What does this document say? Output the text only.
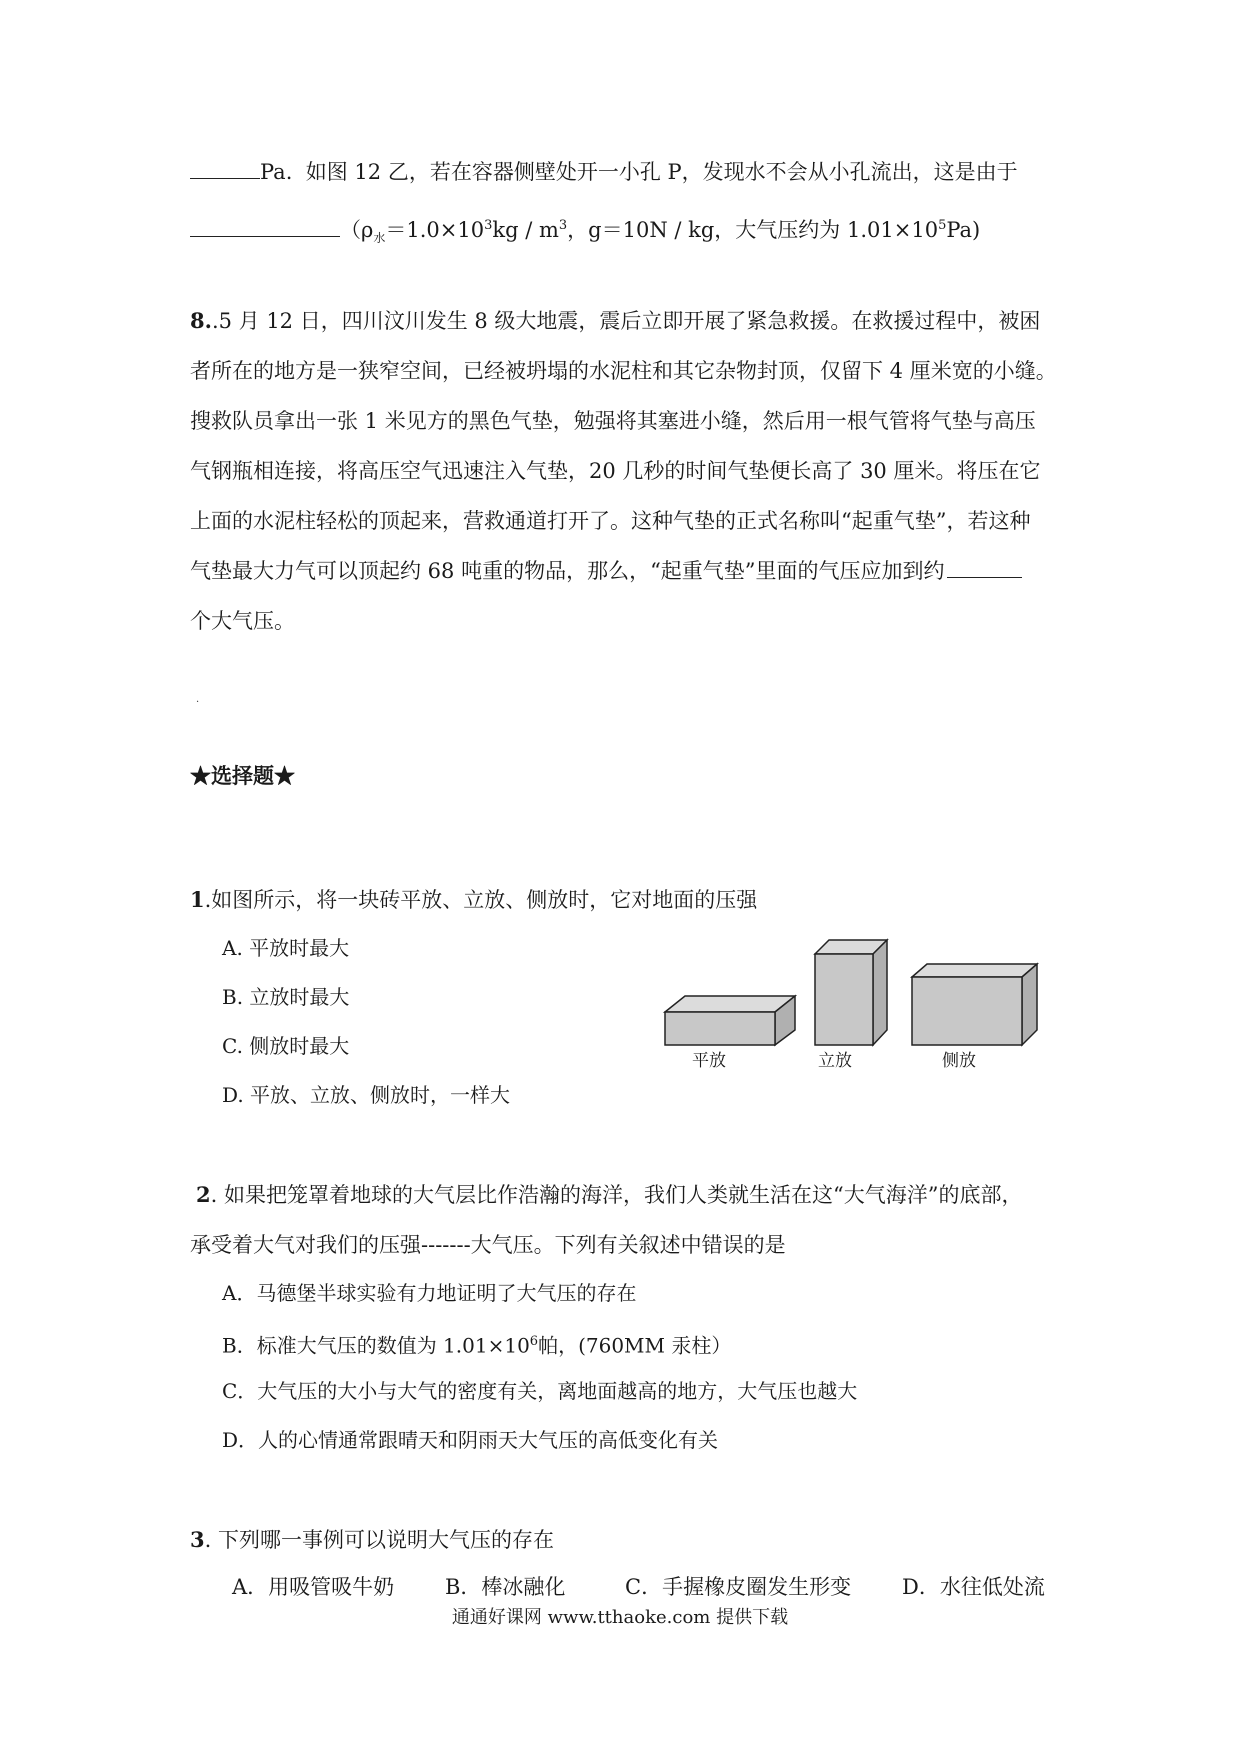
Pa. 如图 12 乙，若在容器侧壁处开一小孔 P，发现水不会从小孔流出，这是由于
（$\rho_水=1.0\times 10^3kg / m^3$，g＝10N / kg，大气压约为 $1.01\times 10^5Pa$)
8..5 月 12 日，四川汶川发生 8 级大地震，震后立即开展了紧急救援。在救援过程中，被困
者所在的地方是一狭窄空间，已经被坍塌的水泥柱和其它杂物封顶，仅留下 4 厘米宽的小缝。
搜救队员拿出一张 1 米见方的黑色气垫，勉强将其塞进小缝，然后用一根气管将气垫与高压
气钢瓶相连接，将高压空气迅速注入气垫，20 几秒的时间气垫便长高了 30 厘米。将压在它
上面的水泥柱轻松的顶起来，营救通道打开了。这种气垫的正式名称叫“起重气垫”，若这种
气垫最大力气可以顶起约 68 吨重的物品，那么，“起重气垫”里面的气压应加到约
个大气压。
·
★选择题★
1.如图所示，将一块砖平放、立放、侧放时，它对地面的压强
A. 平放时最大
B. 立放时最大
C. 侧放时最大
D. 平放、立放、侧放时，一样大
平放	立放	侧放
2. 如果把笼罩着地球的大气层比作浩瀚的海洋，我们人类就生活在这“大气海洋”的底部，
承受着大气对我们的压强-------大气压。下列有关叙述中错误的是
A．马德堡半球实验有力地证明了大气压的存在
B．标准大气压的数值为 $1.01\times 10^6$帕，(760MM 汞柱）
C．大气压的大小与大气的密度有关，离地面越高的地方，大气压也越大
D．人的心情通常跟晴天和阴雨天大气压的高低变化有关
3. 下列哪一事例可以说明大气压的存在
A．用吸管吸牛奶 B．棒冰融化	C．手握橡皮圈发生形变 D．水往低处流
通通好课网 www.tthaoke.com 提供下载
